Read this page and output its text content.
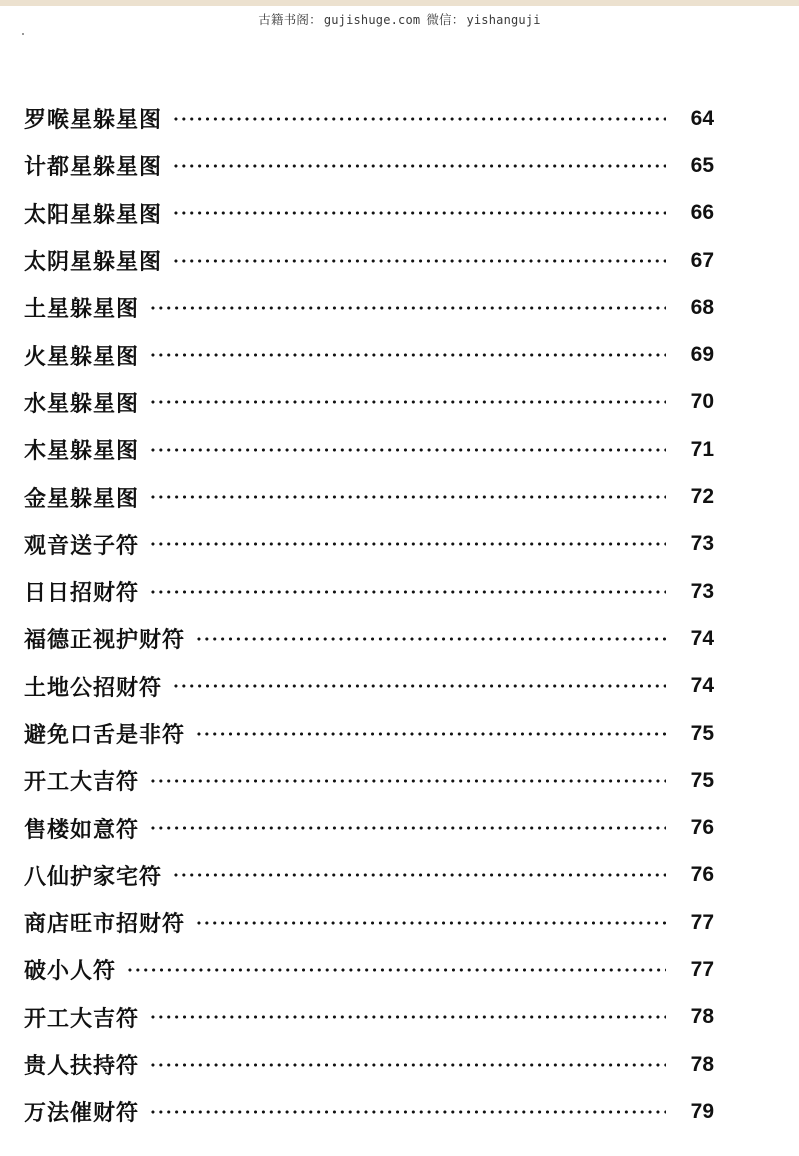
古籍书阁： gujishuge.com 微信： yishanguji
罗喉星躲星图	64
计都星躲星图	65
太阳星躲星图	66
太阴星躲星图	67
土星躲星图	68
火星躲星图	69
水星躲星图	70
木星躲星图	71
金星躲星图	72
观音送子符	73
日日招财符	73
福德正视护财符	74
土地公招财符	74
避免口舌是非符	75
开工大吉符	75
售楼如意符	76
八仙护家宅符	76
商店旺市招财符	77
破小人符	77
开工大吉符	78
贵人扶持符	78
万法催财符	79
